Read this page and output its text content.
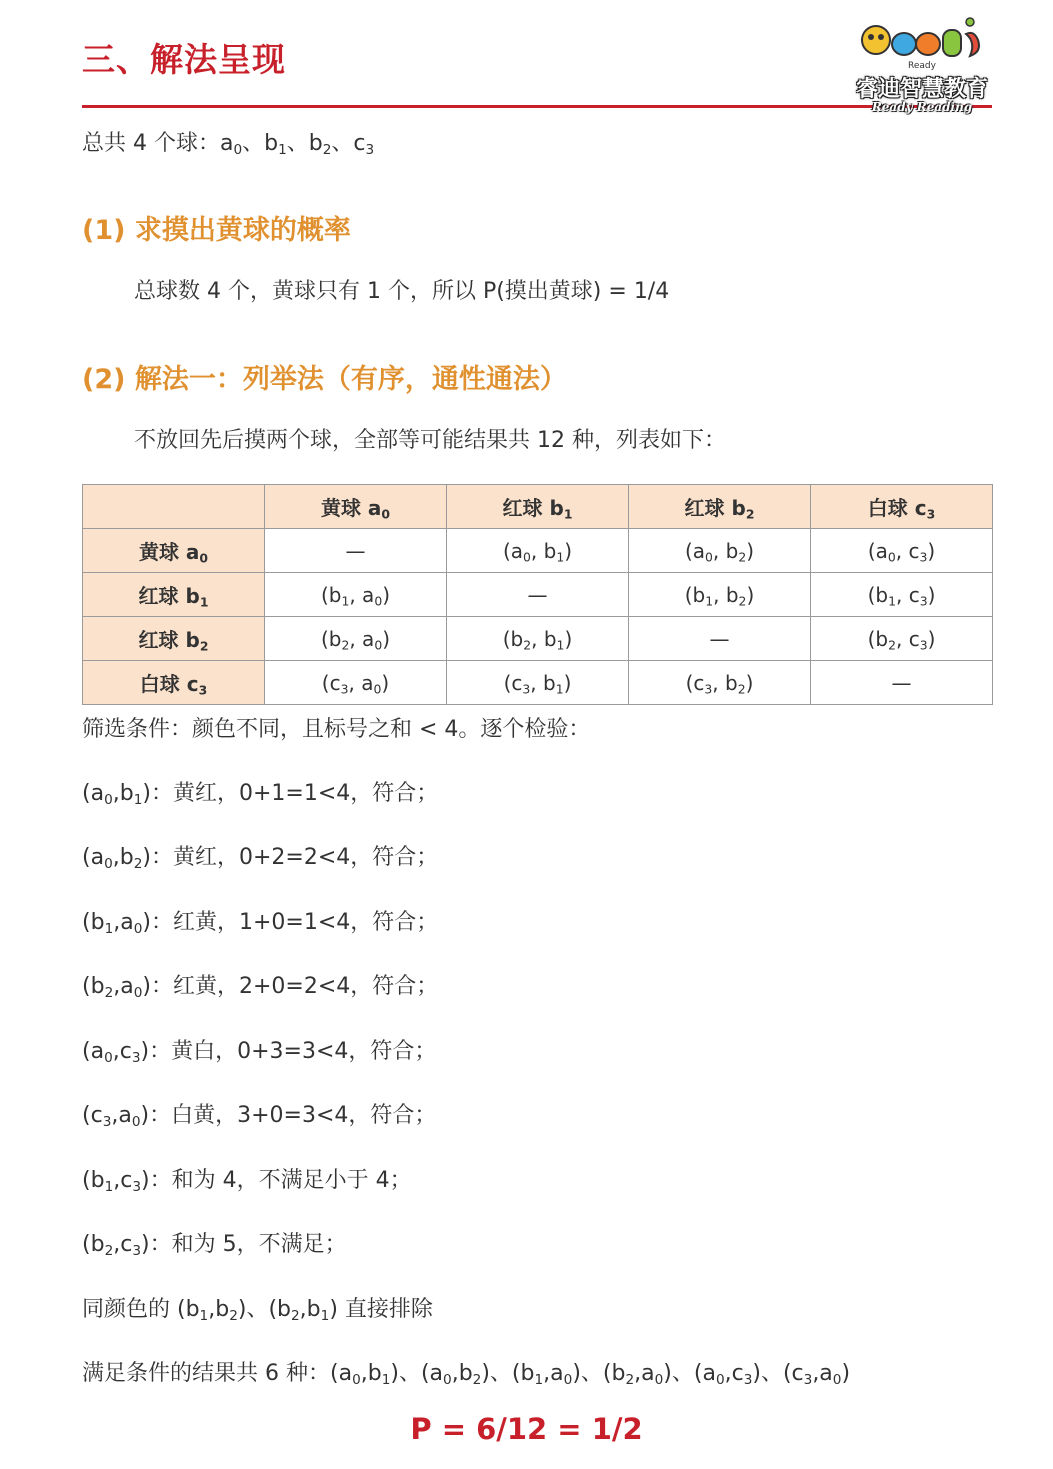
三、解法呈现	Ready
睿迪智慧教育
Ready Reading
总共 4 个球：$a_0$、$b_1$、$b_2$、$c_3$
(1) 求摸出黄球的概率
总球数 4 个，黄球只有 1 个，所以 P(摸出黄球) = 1/4
(2) 解法一：列举法（有序，通性通法）
不放回先后摸两个球，全部等可能结果共 12 种，列表如下：
	黄球 $a_0$	红球 $b_1$	红球 $b_2$	白球 $c_3$
黄球 $a_0$	—	($a_0$, $b_1$)	($a_0$, $b_2$)	($a_0$, $c_3$)
红球 $b_1$	($b_1$, $a_0$)	—	($b_1$, $b_2$)	($b_1$, $c_3$)
红球 $b_2$	($b_2$, $a_0$)	($b_2$, $b_1$)	—	($b_2$, $c_3$)
白球 $c_3$	($c_3$, $a_0$)	($c_3$, $b_1$)	($c_3$, $b_2$)	—
筛选条件：颜色不同，且标号之和 < 4。逐个检验：
$(a_0,b_1)$：黄红，0+1=1<4，符合；
$(a_0,b_2)$：黄红，0+2=2<4，符合；
$(b_1,a_0)$：红黄，1+0=1<4，符合；
$(b_2,a_0)$：红黄，2+0=2<4，符合；
$(a_0,c_3)$：黄白，0+3=3<4，符合；
$(c_3,a_0)$：白黄，3+0=3<4，符合；
$(b_1,c_3)$：和为 4，不满足小于 4；
$(b_2,c_3)$：和为 5，不满足；
同颜色的 $(b_1,b_2)$、$(b_2,b_1)$ 直接排除
满足条件的结果共 6 种：$(a_0,b_1)$、$(a_0,b_2)$、$(b_1,a_0)$、$(b_2,a_0)$、$(a_0,c_3)$、$(c_3,a_0)$
P = 6/12 = 1/2
